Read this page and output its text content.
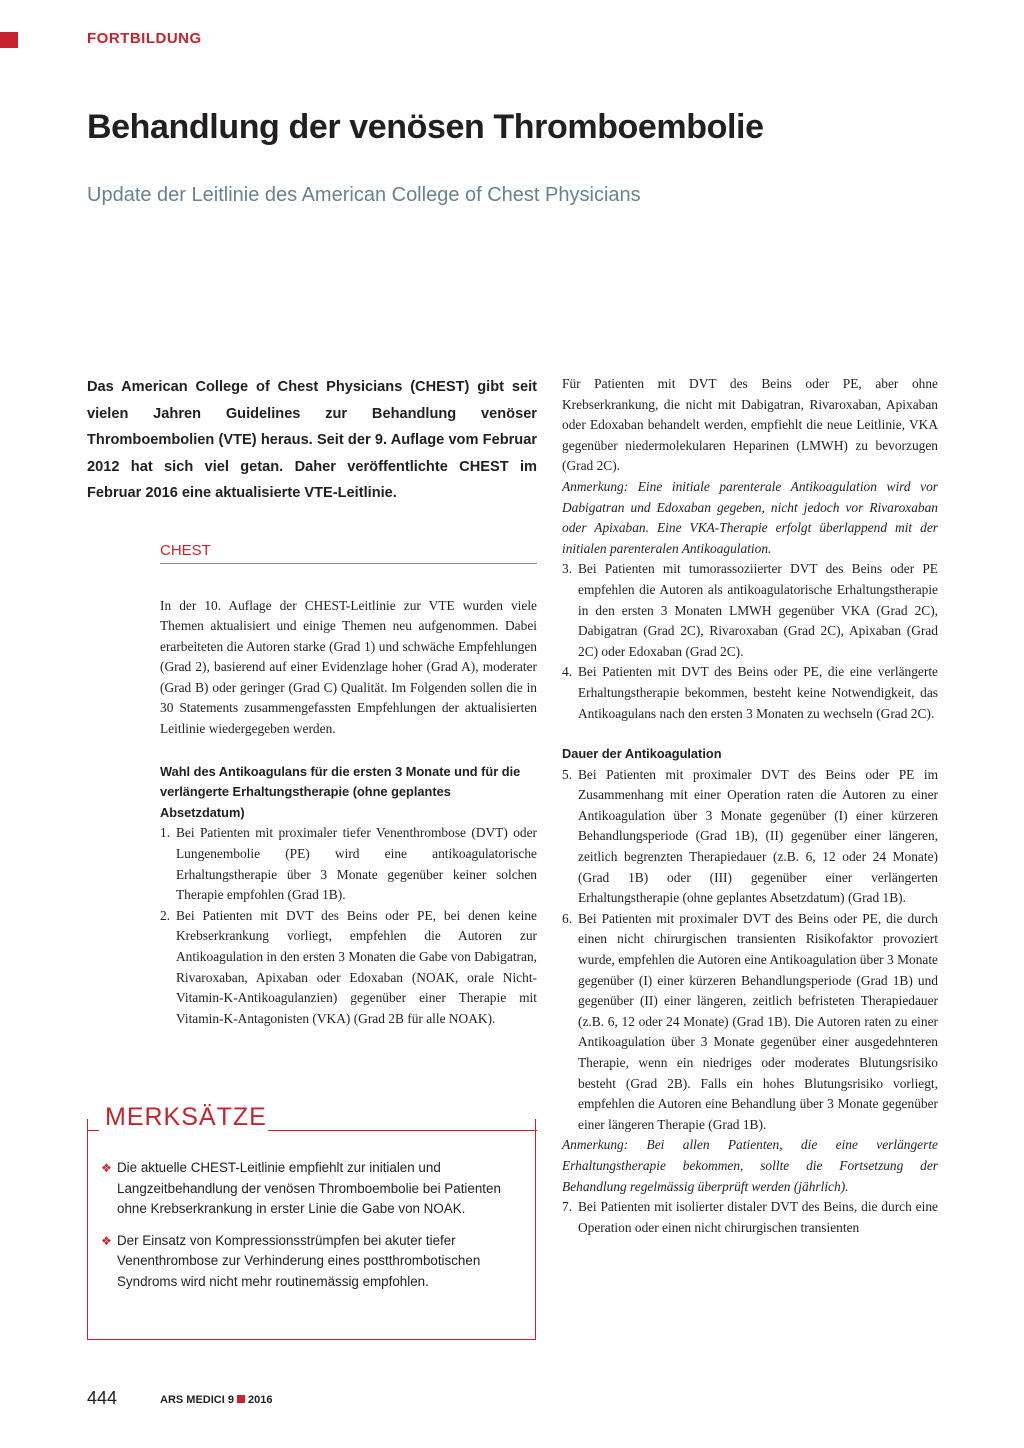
FORTBILDUNG
Behandlung der venösen Thromboembolie
Update der Leitlinie des American College of Chest Physicians

Das American College of Chest Physicians (CHEST) gibt seit vielen Jahren Guidelines zur Behandlung venöser Thromboembolien (VTE) heraus. Seit der 9. Auflage vom Februar 2012 hat sich viel getan. Daher veröffentlichte CHEST im Februar 2016 eine aktualisierte VTE-Leitlinie.

CHEST

In der 10. Auflage der CHEST-Leitlinie zur VTE wurden viele Themen aktualisiert und einige Themen neu aufgenommen. Dabei erarbeiteten die Autoren starke (Grad 1) und schwäche Empfehlungen (Grad 2), basierend auf einer Evidenzlage hoher (Grad A), moderater (Grad B) oder geringer (Grad C) Qualität. Im Folgenden sollen die in 30 Statements zusammengefassten Empfehlungen der aktualisierten Leitlinie wiedergegeben werden.

Wahl des Antikoagulans für die ersten 3 Monate und für die verlängerte Erhaltungstherapie (ohne geplantes Absetzdatum)

1. Bei Patienten mit proximaler tiefer Venenthrombose (DVT) oder Lungenembolie (PE) wird eine antikoagulatorische Erhaltungstherapie über 3 Monate gegenüber keiner solchen Therapie empfohlen (Grad 1B).
2. Bei Patienten mit DVT des Beins oder PE, bei denen keine Krebserkrankung vorliegt, empfehlen die Autoren zur Antikoagulation in den ersten 3 Monaten die Gabe von Dabigatran, Rivaroxaban, Apixaban oder Edoxaban (NOAK, orale Nicht-Vitamin-K-Antikoagulanzien) gegenüber einer Therapie mit Vitamin-K-Antagonisten (VKA) (Grad 2B für alle NOAK).
MERKSÄTZE
❖ Die aktuelle CHEST-Leitlinie empfiehlt zur initialen und Langzeitbehandlung der venösen Thromboembolie bei Patienten ohne Krebserkrankung in erster Linie die Gabe von NOAK.
❖ Der Einsatz von Kompressionsstrümpfen bei akuter tiefer Venenthrombose zur Verhinderung eines postthrombotischen Syndroms wird nicht mehr routinemässig empfohlen.

Für Patienten mit DVT des Beins oder PE, aber ohne Krebserkrankung, die nicht mit Dabigatran, Rivaroxaban, Apixaban oder Edoxaban behandelt werden, empfiehlt die neue Leitlinie, VKA gegenüber niedermolekularen Heparinen (LMWH) zu bevorzugen (Grad 2C).

Anmerkung: Eine initiale parenterale Antikoagulation wird vor Dabigatran und Edoxaban gegeben, nicht jedoch vor Rivaroxaban oder Apixaban. Eine VKA-Therapie erfolgt überlappend mit der initialen parenteralen Antikoagulation.

3. Bei Patienten mit tumorassoziierter DVT des Beins oder PE empfehlen die Autoren als antikoagulatorische Erhaltungstherapie in den ersten 3 Monaten LMWH gegenüber VKA (Grad 2C), Dabigatran (Grad 2C), Rivaroxaban (Grad 2C), Apixaban (Grad 2C) oder Edoxaban (Grad 2C).
4. Bei Patienten mit DVT des Beins oder PE, die eine verlängerte Erhaltungstherapie bekommen, besteht keine Notwendigkeit, das Antikoagulans nach den ersten 3 Monaten zu wechseln (Grad 2C).

Dauer der Antikoagulation

5. Bei Patienten mit proximaler DVT des Beins oder PE im Zusammenhang mit einer Operation raten die Autoren zu einer Antikoagulation über 3 Monate gegenüber (I) einer kürzeren Behandlungsperiode (Grad 1B), (II) gegenüber einer längeren, zeitlich begrenzten Therapiedauer (z.B. 6, 12 oder 24 Monate) (Grad 1B) oder (III) gegenüber einer verlängerten Erhaltungstherapie (ohne geplantes Absetzdatum) (Grad 1B).
6. Bei Patienten mit proximaler DVT des Beins oder PE, die durch einen nicht chirurgischen transienten Risikofaktor provoziert wurde, empfehlen die Autoren eine Antikoagulation über 3 Monate gegenüber (I) einer kürzeren Behandlungsperiode (Grad 1B) und gegenüber (II) einer längeren, zeitlich befristeten Therapiedauer (z.B. 6, 12 oder 24 Monate) (Grad 1B). Die Autoren raten zu einer Antikoagulation über 3 Monate gegenüber einer ausgedehnteren Therapie, wenn ein niedriges oder moderates Blutungsrisiko besteht (Grad 2B). Falls ein hohes Blutungsrisiko vorliegt, empfehlen die Autoren eine Behandlung über 3 Monate gegenüber einer längeren Therapie (Grad 1B).

Anmerkung: Bei allen Patienten, die eine verlängerte Erhaltungstherapie bekommen, sollte die Fortsetzung der Behandlung regelmässig überprüft werden (jährlich).

7. Bei Patienten mit isolierter distaler DVT des Beins, die durch eine Operation oder einen nicht chirurgischen transienten
444	ARS MEDICI 9 2016
